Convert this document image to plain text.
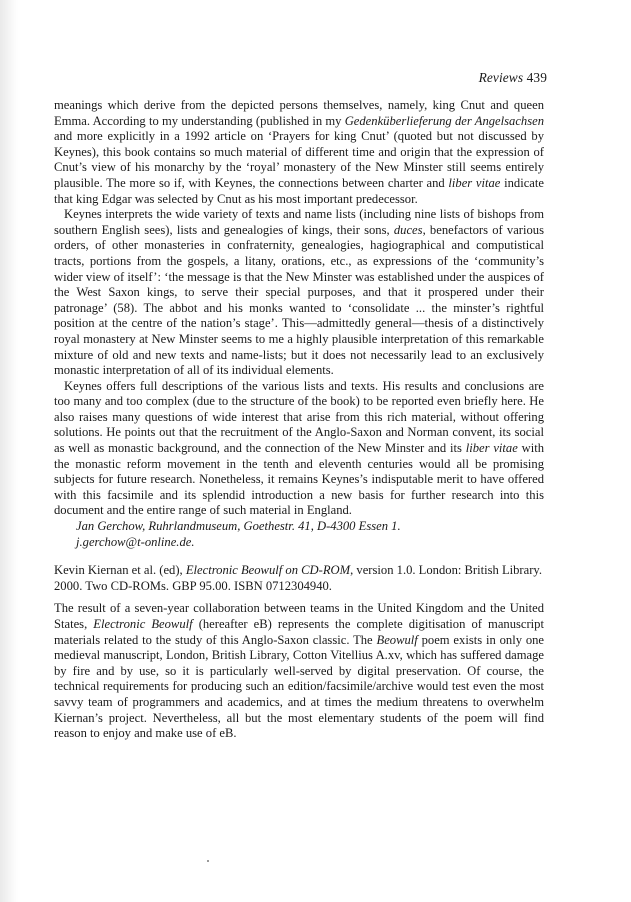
Reviews 439

meanings which derive from the depicted persons themselves, namely, king Cnut and queen Emma. According to my understanding (published in my Gedenküberlieferung der Angelsachsen and more explicitly in a 1992 article on ‘Prayers for king Cnut’ (quoted but not discussed by Keynes), this book contains so much material of different time and origin that the expression of Cnut’s view of his monarchy by the ‘royal’ monastery of the New Minster still seems entirely plausible. The more so if, with Keynes, the connections between charter and liber vitae indicate that king Edgar was selected by Cnut as his most important predecessor.

Keynes interprets the wide variety of texts and name lists (including nine lists of bishops from southern English sees), lists and genealogies of kings, their sons, duces, benefactors of various orders, of other monasteries in confraternity, genealogies, hagiographical and computistical tracts, portions from the gospels, a litany, orations, etc., as expressions of the ‘community’s wider view of itself’: ‘the message is that the New Minster was established under the auspices of the West Saxon kings, to serve their special purposes, and that it prospered under their patronage’ (58). The abbot and his monks wanted to ‘consolidate ... the minster’s rightful position at the centre of the nation’s stage’. This—admittedly general—thesis of a distinctively royal monastery at New Minster seems to me a highly plausible interpretation of this remarkable mixture of old and new texts and name-lists; but it does not necessarily lead to an exclusively monastic interpretation of all of its individual elements.

Keynes offers full descriptions of the various lists and texts. His results and conclusions are too many and too complex (due to the structure of the book) to be reported even briefly here. He also raises many questions of wide interest that arise from this rich material, without offering solutions. He points out that the recruitment of the Anglo-Saxon and Norman convent, its social as well as monastic background, and the connection of the New Minster and its liber vitae with the monastic reform movement in the tenth and eleventh centuries would all be promising subjects for future research. Nonetheless, it remains Keynes’s indisputable merit to have offered with this facsimile and its splendid introduction a new basis for further research into this document and the entire range of such material in England.

Jan Gerchow, Ruhrlandmuseum, Goethestr. 41, D-4300 Essen 1.

j.gerchow@t-online.de.

Kevin Kiernan et al. (ed), Electronic Beowulf on CD-ROM, version 1.0. London: British Library. 2000. Two CD-ROMs. GBP 95.00. ISBN 0712304940.

The result of a seven-year collaboration between teams in the United Kingdom and the United States, Electronic Beowulf (hereafter eB) represents the complete digitisation of manuscript materials related to the study of this Anglo-Saxon classic. The Beowulf poem exists in only one medieval manuscript, London, British Library, Cotton Vitellius A.xv, which has suffered damage by fire and by use, so it is particularly well-served by digital preservation. Of course, the technical requirements for producing such an edition/facsimile/archive would test even the most savvy team of programmers and academics, and at times the medium threatens to overwhelm Kiernan’s project. Nevertheless, all but the most elementary students of the poem will find reason to enjoy and make use of eB.
